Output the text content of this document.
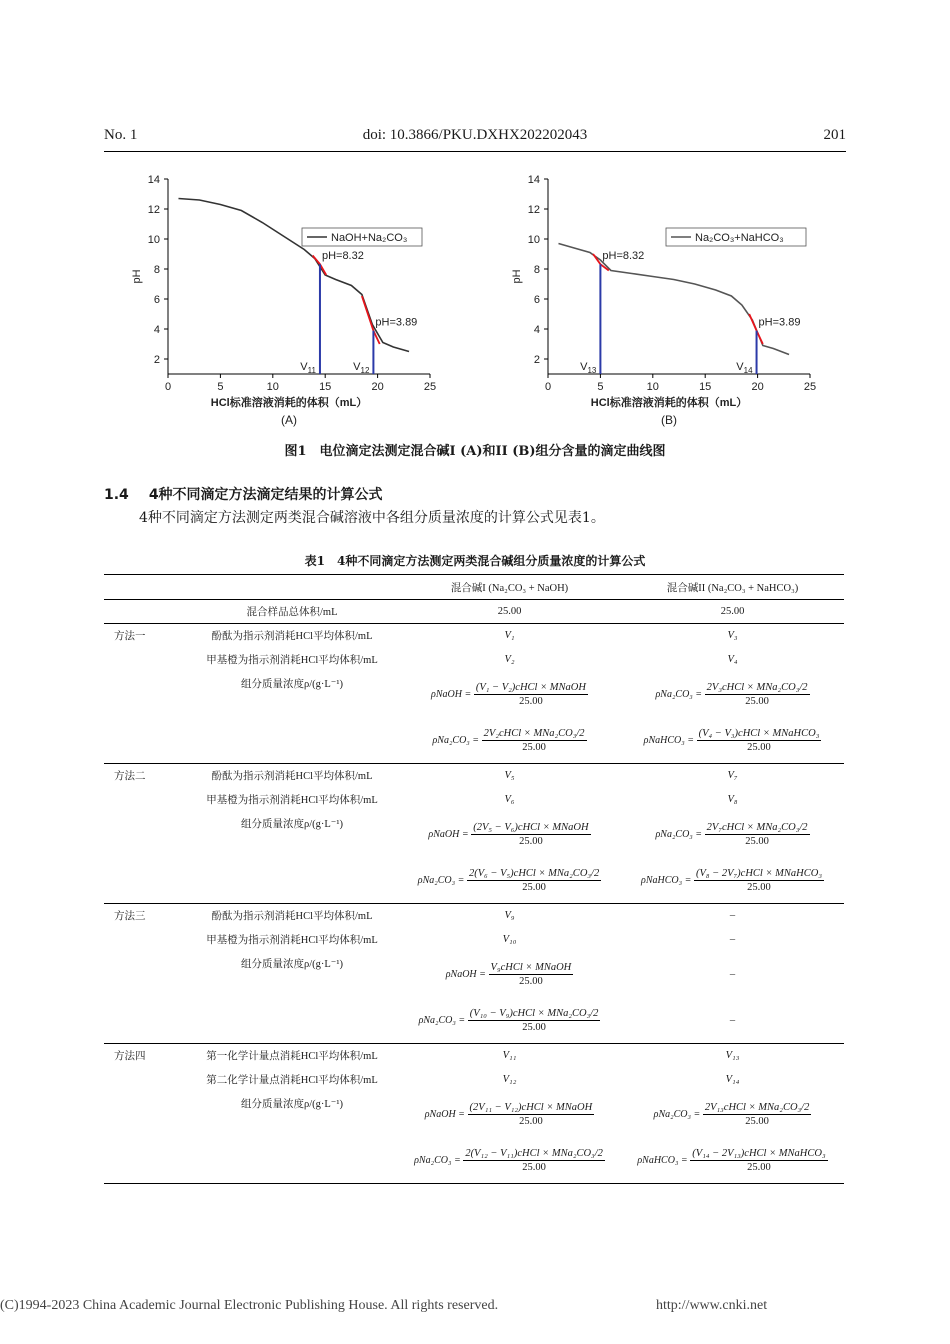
No. 1	doi: 10.3866/PKU.DXHX202202043	201
2
4
6
8
10
12
14
0	5	10	15	20	25
HCl标准溶液消耗的体积（mL）
pH
(A)
$V_{11}$
pH=8.32
$V_{12}$
pH=3.89
NaOH+Na₂CO₃
2
4
6
8
10
12
14
0	5	10	15	20	25
HCl标准溶液消耗的体积（mL）
pH
(B)
$V_{13}$
pH=8.32
$V_{14}$
pH=3.89
Na₂CO₃+NaHCO₃
图1　电位滴定法测定混合碱I (A)和II (B)组分含量的滴定曲线图
1.4 4种不同滴定方法滴定结果的计算公式
4种不同滴定方法测定两类混合碱溶液中各组分质量浓度的计算公式见表1。
表1　4种不同滴定方法测定两类混合碱组分质量浓度的计算公式
		混合碱I (Na₂CO₃ + NaOH)	混合碱II (Na₂CO₃ + NaHCO₃)
	混合样品总体积/mL	25.00	25.00
方法一	酚酞为指示剂消耗HCl平均体积/mL	V₁	V₃
	甲基橙为指示剂消耗HCl平均体积/mL	V₂	V₄
	组分质量浓度ρ/(g·L⁻¹)	ρNaOH = $\frac{\text{(V₁ − V₂)cHCl × MNaOH}}{25.00}$	$\rho Na_2CO_3 = \frac{\text{2V₃cHCl × MNa₂CO₃/2}}{25.00}$

		$\rho Na_2CO_3 = \frac{\text{2V₂cHCl × MNa₂CO₃/2}}{25.00}$	ρNaHCO₃ = $\frac{\text{(V₄ − V₃)cHCl × MNaHCO₃}}{25.00}$

方法二	酚酞为指示剂消耗HCl平均体积/mL	V₅	V₇
	甲基橙为指示剂消耗HCl平均体积/mL	V₆	V₈
	组分质量浓度ρ/(g·L⁻¹)	ρNaOH = $\frac{\text{(2V₅ − V₆)cHCl × MNaOH}}{25.00}$	$\rho Na_2CO_3 = \frac{\text{2V₇cHCl × MNa₂CO₃/2}}{25.00}$

		$\rho Na_2CO_3 = \frac{\text{2(V₆ − V₅)cHCl × MNa₂CO₃/2}}{25.00}$	ρNaHCO₃ = $\frac{\text{(V₈ − 2V₇)cHCl × MNaHCO₃}}{25.00}$

方法三	酚酞为指示剂消耗HCl平均体积/mL	V₉	–
	甲基橙为指示剂消耗HCl平均体积/mL	V₁₀	–
	组分质量浓度ρ/(g·L⁻¹)	ρNaOH = $\frac{\text{V₉cHCl × MNaOH}}{25.00}$	–
		$\rho Na_2CO_3 = \frac{\text{(V₁₀ − V₉)cHCl × MNa₂CO₃/2}}{25.00}$	–
方法四	第一化学计量点消耗HCl平均体积/mL	V₁₁	V₁₃
	第二化学计量点消耗HCl平均体积/mL	V₁₂	V₁₄
	组分质量浓度ρ/(g·L⁻¹)	ρNaOH = $\frac{\text{(2V₁₁ − V₁₂)cHCl × MNaOH}}{25.00}$	$\rho Na_2CO_3 = \frac{\text{2V₁₃cHCl × MNa₂CO₃/2}}{25.00}$

		$\rho Na_2CO_3 = \frac{\text{2(V₁₂ − V₁₁)cHCl × MNa₂CO₃/2}}{25.00}$	ρNaHCO₃ = $\frac{\text{(V₁₄ − 2V₁₃)cHCl × MNaHCO₃}}{25.00}$
(C)1994-2023 China Academic Journal Electronic Publishing House. All rights reserved.	http://www.cnki.net
